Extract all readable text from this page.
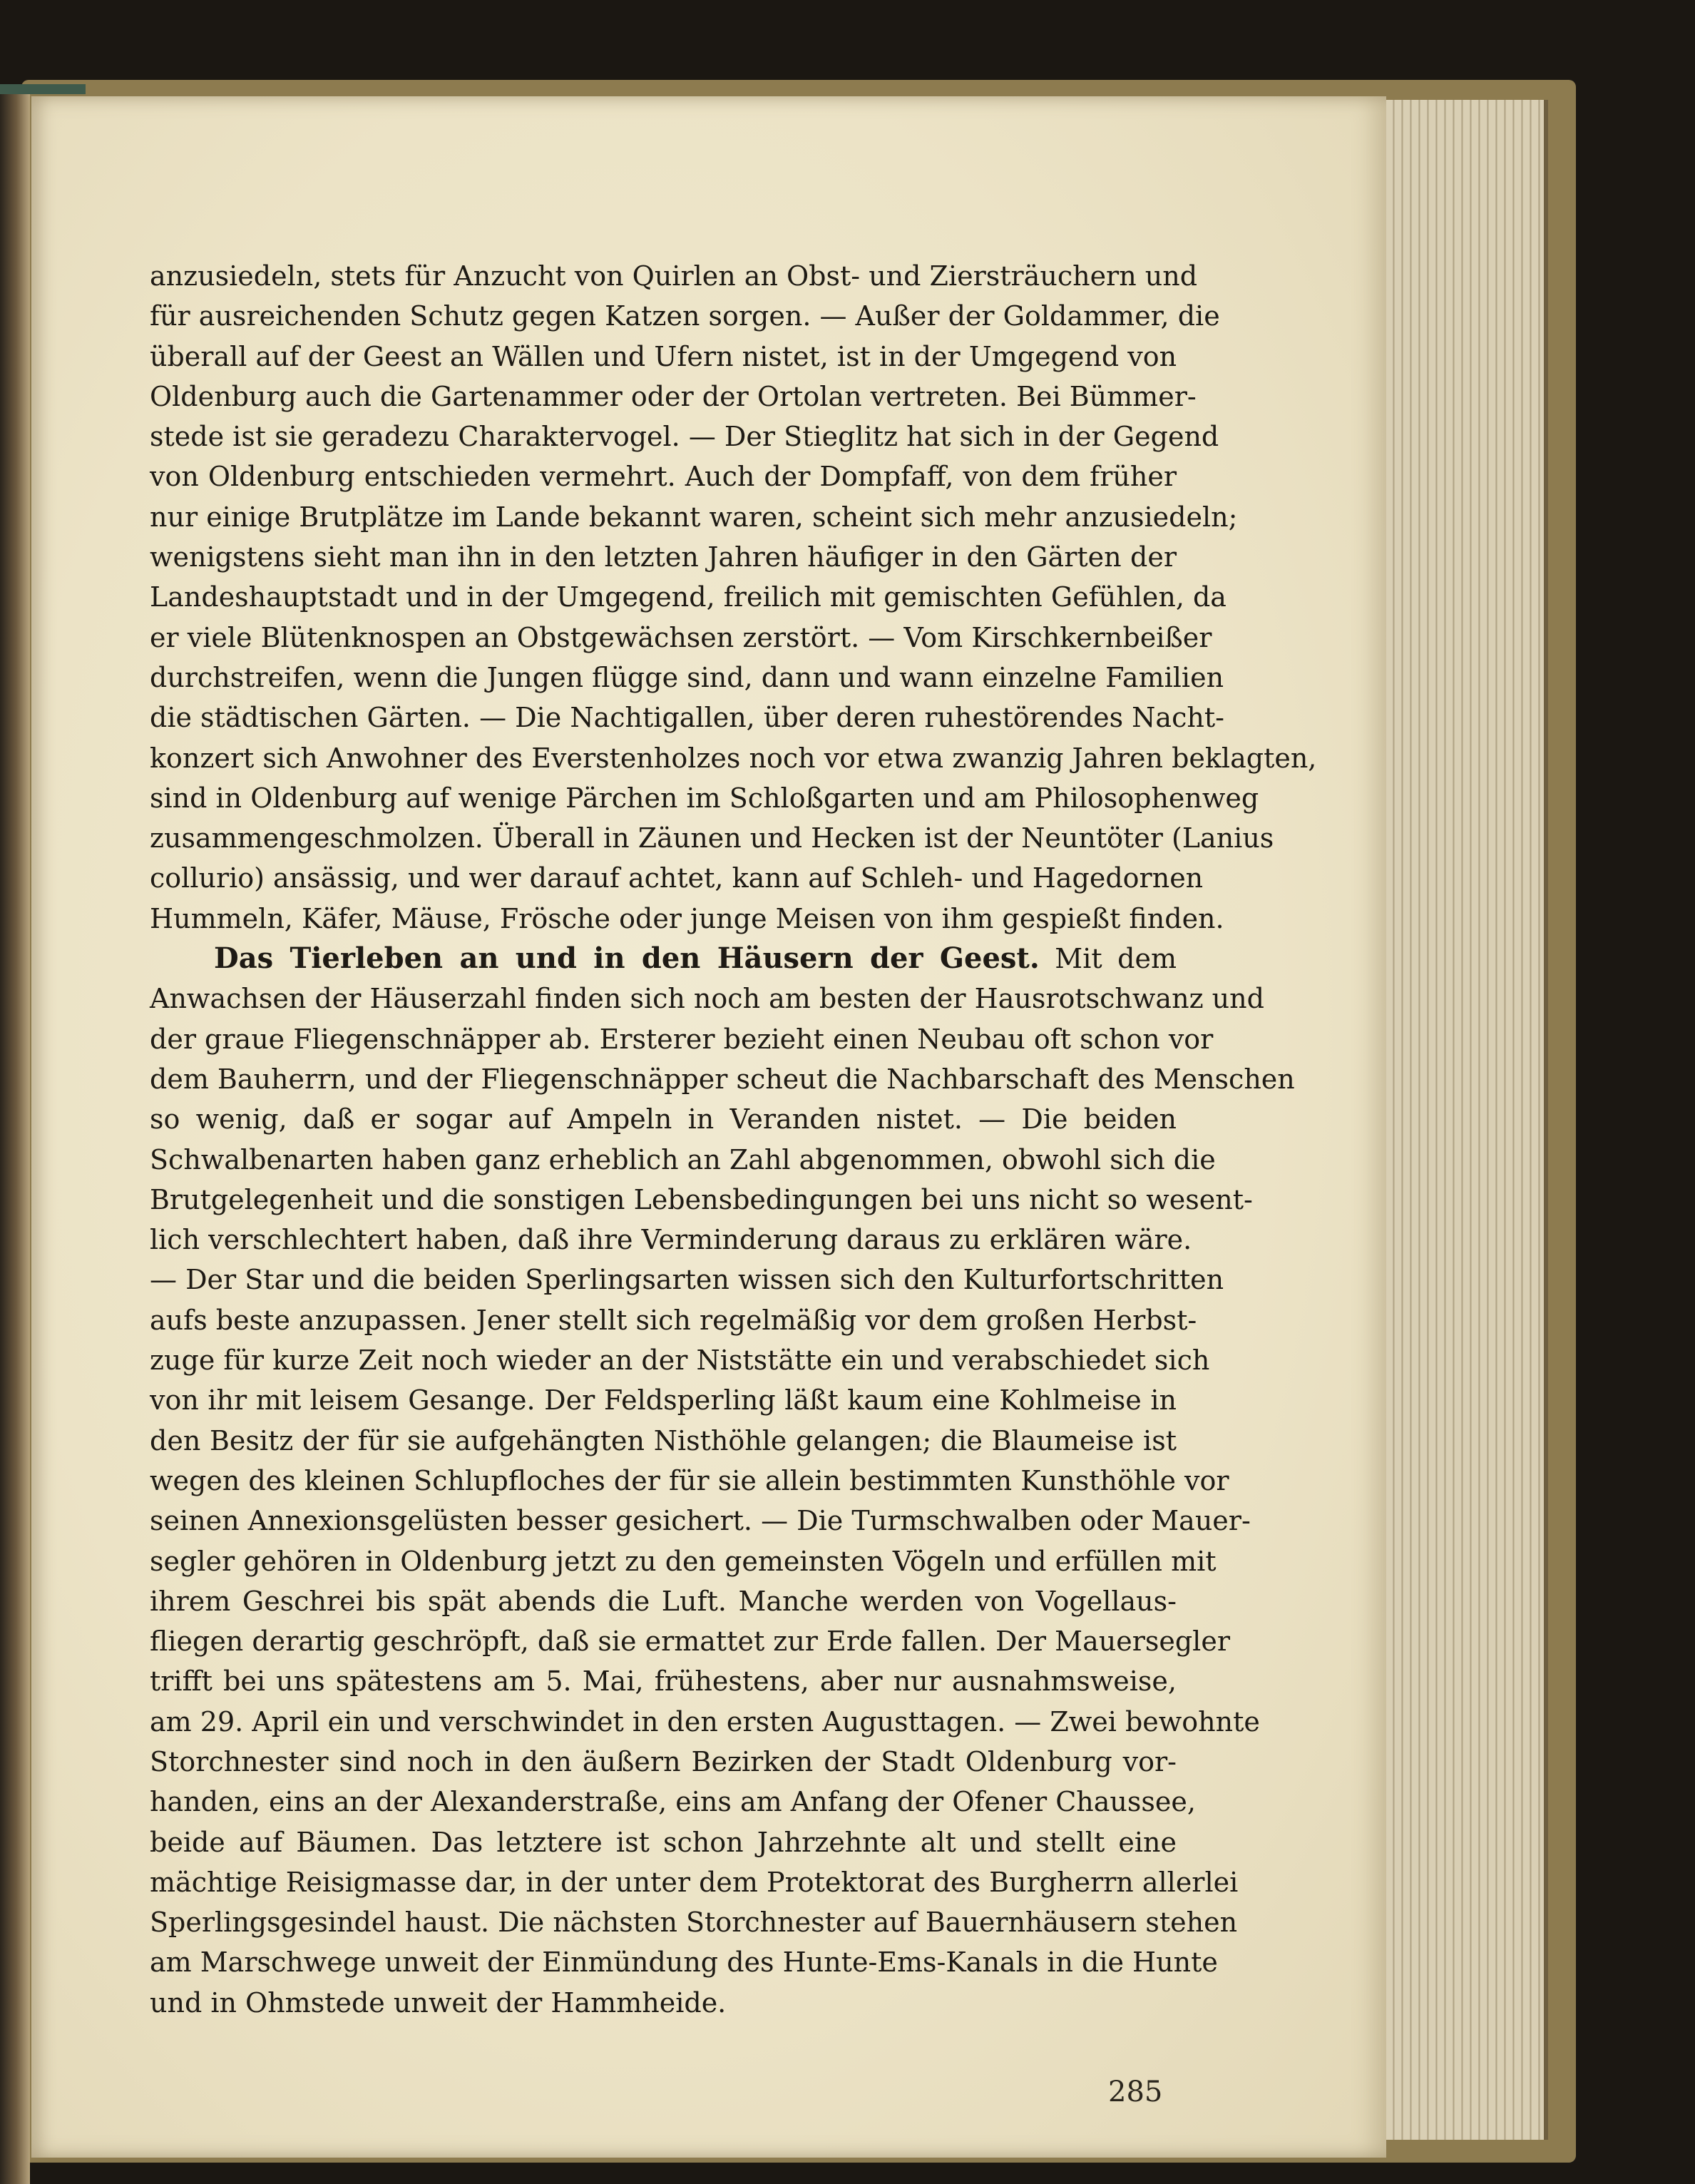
anzusiedeln, stets für Anzucht von Quirlen an Obst- und Ziersträuchern und
für ausreichenden Schutz gegen Katzen sorgen. — Außer der Goldammer, die
überall auf der Geest an Wällen und Ufern nistet, ist in der Umgegend von
Oldenburg auch die Gartenammer oder der Ortolan vertreten. Bei Bümmer-
stede ist sie geradezu Charaktervogel. — Der Stieglitz hat sich in der Gegend
von Oldenburg entschieden vermehrt. Auch der Dompfaff, von dem früher
nur einige Brutplätze im Lande bekannt waren, scheint sich mehr anzusiedeln;
wenigstens sieht man ihn in den letzten Jahren häufiger in den Gärten der
Landeshauptstadt und in der Umgegend, freilich mit gemischten Gefühlen, da
er viele Blütenknospen an Obstgewächsen zerstört. — Vom Kirschkernbeißer
durchstreifen, wenn die Jungen flügge sind, dann und wann einzelne Familien
die städtischen Gärten. — Die Nachtigallen, über deren ruhestörendes Nacht-
konzert sich Anwohner des Everstenholzes noch vor etwa zwanzig Jahren beklagten,
sind in Oldenburg auf wenige Pärchen im Schloßgarten und am Philosophenweg
zusammengeschmolzen. Überall in Zäunen und Hecken ist der Neuntöter (Lanius
collurio) ansässig, und wer darauf achtet, kann auf Schleh- und Hagedornen
Hummeln, Käfer, Mäuse, Frösche oder junge Meisen von ihm gespießt finden.
Das Tierleben an und in den Häusern der Geest. Mit dem
Anwachsen der Häuserzahl finden sich noch am besten der Hausrotschwanz und
der graue Fliegenschnäpper ab. Ersterer bezieht einen Neubau oft schon vor
dem Bauherrn, und der Fliegenschnäpper scheut die Nachbarschaft des Menschen
so wenig, daß er sogar auf Ampeln in Veranden nistet. — Die beiden
Schwalbenarten haben ganz erheblich an Zahl abgenommen, obwohl sich die
Brutgelegenheit und die sonstigen Lebensbedingungen bei uns nicht so wesent-
lich verschlechtert haben, daß ihre Verminderung daraus zu erklären wäre.
— Der Star und die beiden Sperlingsarten wissen sich den Kulturfortschritten
aufs beste anzupassen. Jener stellt sich regelmäßig vor dem großen Herbst-
zuge für kurze Zeit noch wieder an der Niststätte ein und verabschiedet sich
von ihr mit leisem Gesange. Der Feldsperling läßt kaum eine Kohlmeise in
den Besitz der für sie aufgehängten Nisthöhle gelangen; die Blaumeise ist
wegen des kleinen Schlupfloches der für sie allein bestimmten Kunsthöhle vor
seinen Annexionsgelüsten besser gesichert. — Die Turmschwalben oder Mauer-
segler gehören in Oldenburg jetzt zu den gemeinsten Vögeln und erfüllen mit
ihrem Geschrei bis spät abends die Luft. Manche werden von Vogellaus-
fliegen derartig geschröpft, daß sie ermattet zur Erde fallen. Der Mauersegler
trifft bei uns spätestens am 5. Mai, frühestens, aber nur ausnahmsweise,
am 29. April ein und verschwindet in den ersten Augusttagen. — Zwei bewohnte
Storchnester sind noch in den äußern Bezirken der Stadt Oldenburg vor-
handen, eins an der Alexanderstraße, eins am Anfang der Ofener Chaussee,
beide auf Bäumen. Das letztere ist schon Jahrzehnte alt und stellt eine
mächtige Reisigmasse dar, in der unter dem Protektorat des Burgherrn allerlei
Sperlingsgesindel haust. Die nächsten Storchnester auf Bauernhäusern stehen
am Marschwege unweit der Einmündung des Hunte-Ems-Kanals in die Hunte
und in Ohmstede unweit der Hammheide.
285
